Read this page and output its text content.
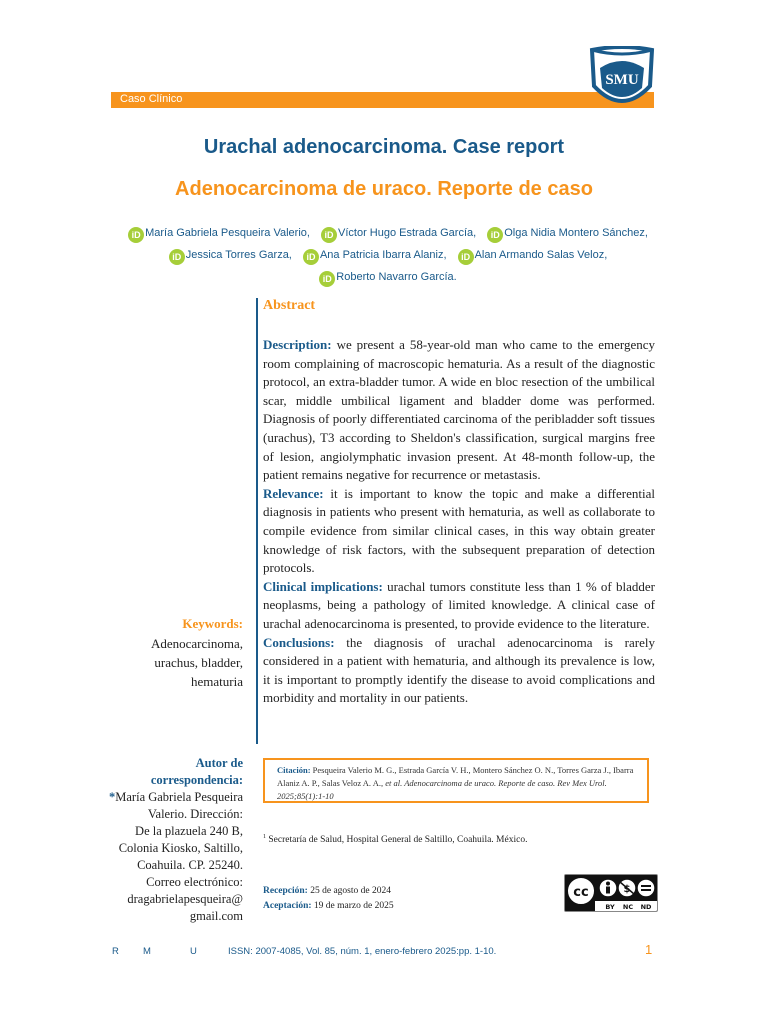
Caso Clínico
SMU
Urachal adenocarcinoma. Case report
Adenocarcinoma de uraco. Reporte de caso
iD María Gabriela Pesqueira Valerio, iD Víctor Hugo Estrada García, iD Olga Nidia Montero Sánchez,
iD Jessica Torres Garza, iD Ana Patricia Ibarra Alaniz, iD Alan Armando Salas Veloz,
iD Roberto Navarro García.
Abstract

Description: we present a 58-year-old man who came to the emergency room complaining of macroscopic hematuria. As a result of the diagnostic protocol, an extra-bladder tumor. A wide en bloc resection of the umbilical scar, middle umbilical ligament and bladder dome was performed. Diagnosis of poorly differentiated carcinoma of the peribladder soft tissues (urachus), T3 according to Sheldon's classification, surgical margins free of lesion, angiolymphatic invasion present. At 48-month follow-up, the patient remains negative for recurrence or metastasis.

Relevance: it is important to know the topic and make a differential diagnosis in patients who present with hematuria, as well as collaborate to compile evidence from similar clinical cases, in this way obtain greater knowledge of risk factors, with the subsequent preparation of detection protocols.

Clinical implications: urachal tumors constitute less than 1 % of bladder neoplasms, being a pathology of limited knowledge. A clinical case of urachal adenocarcinoma is presented, to provide evidence to the literature.

Conclusions: the diagnosis of urachal adenocarcinoma is rarely considered in a patient with hematuria, and although its prevalence is low, it is important to promptly identify the disease to avoid complications and morbidity and mortality in our patients.

Keywords:
Adenocarcinoma,
urachus, bladder,
hematuria
Autor de
correspondencia:
*María Gabriela Pesqueira
Valerio. Dirección:
De la plazuela 240 B,
Colonia Kiosko, Saltillo,
Coahuila. CP. 25240.
Correo electrónico:
dragabrielapesqueira@
gmail.com
Citación: Pesqueira Valerio M. G., Estrada García V. H., Montero Sánchez O. N., Torres Garza J., Ibarra Alaniz A. P., Salas Veloz A. A., et al. Adenocarcinoma de uraco. Reporte de caso. Rev Mex Urol. 2025;85(1):1-10
$^1$ Secretaría de Salud, Hospital General de Saltillo, Coahuila. México.
Recepción: 25 de agosto de 2024
Aceptación: 19 de marzo de 2025
cc	$
BY NC ND
R	M	U	ISSN: 2007-4085, Vol. 85, núm. 1, enero-febrero 2025:pp. 1-10.	1
